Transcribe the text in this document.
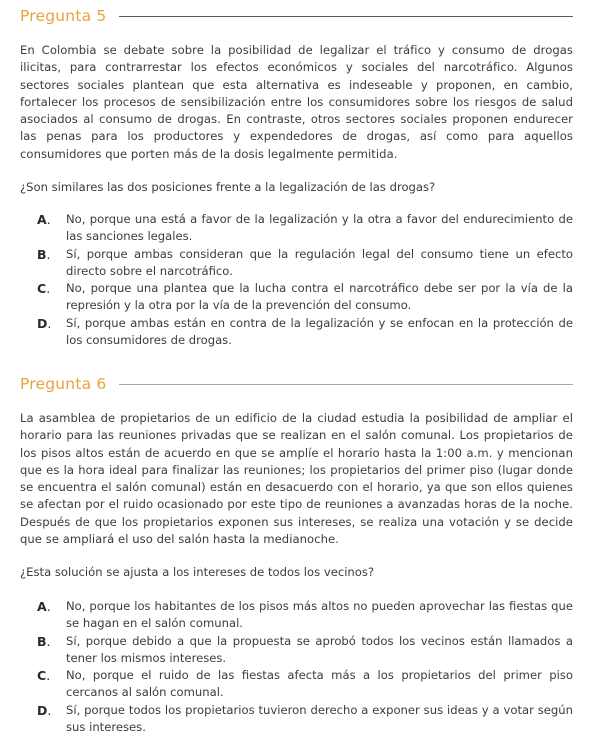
Pregunta 5

En Colombia se debate sobre la posibilidad de legalizar el tráfico y consumo de drogas ilicitas, para contrarrestar los efectos económicos y sociales del narcotráfico. Algunos sectores sociales plantean que esta alternativa es indeseable y proponen, en cambio, fortalecer los procesos de sensibilización entre los consumidores sobre los riesgos de salud asociados al consumo de drogas. En contraste, otros sectores sociales proponen endurecer las penas para los productores y expendedores de drogas, así como para aquellos consumidores que porten más de la dosis legalmente permitida.

¿Son similares las dos posiciones frente a la legalización de las drogas?

A.	No, porque una está a favor de la legalización y la otra a favor del endurecimiento de las sanciones legales.
B.	Sí, porque ambas consideran que la regulación legal del consumo tiene un efecto directo sobre el narcotráfico.
C.	No, porque una plantea que la lucha contra el narcotráfico debe ser por la vía de la represión y la otra por la vía de la prevención del consumo.
D.	Sí, porque ambas están en contra de la legalización y se enfocan en la protección de los consumidores de drogas.
Pregunta 6

La asamblea de propietarios de un edificio de la ciudad estudia la posibilidad de ampliar el horario para las reuniones privadas que se realizan en el salón comunal. Los propietarios de los pisos altos están de acuerdo en que se amplíe el horario hasta la 1:00 a.m. y mencionan que es la hora ideal para finalizar las reuniones; los propietarios del primer piso (lugar donde se encuentra el salón comunal) están en desacuerdo con el horario, ya que son ellos quienes se afectan por el ruido ocasionado por este tipo de reuniones a avanzadas horas de la noche. Después de que los propietarios exponen sus intereses, se realiza una votación y se decide que se ampliará el uso del salón hasta la medianoche.

¿Esta solución se ajusta a los intereses de todos los vecinos?

A.	No, porque los habitantes de los pisos más altos no pueden aprovechar las fiestas que se hagan en el salón comunal.
B.	Sí, porque debido a que la propuesta se aprobó todos los vecinos están llamados a tener los mismos intereses.
C.	No, porque el ruido de las fiestas afecta más a los propietarios del primer piso cercanos al salón comunal.
D.	Sí, porque todos los propietarios tuvieron derecho a exponer sus ideas y a votar según sus intereses.
